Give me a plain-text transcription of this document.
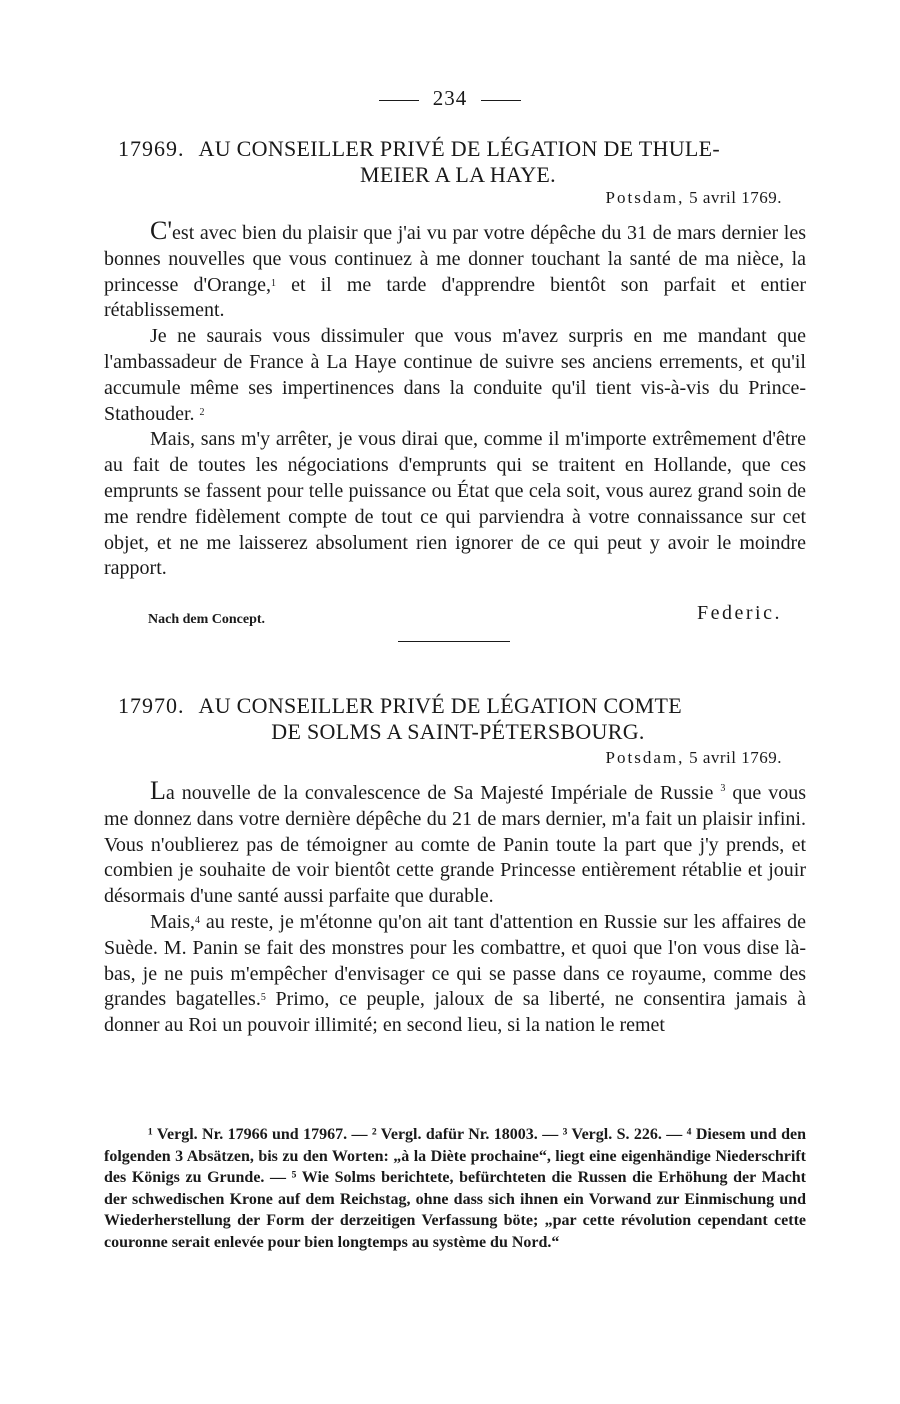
234
17969. AU CONSEILLER PRIVÉ DE LÉGATION DE THULE-
MEIER A LA HAYE.
Potsdam, 5 avril 1769.

C'est avec bien du plaisir que j'ai vu par votre dépêche du 31 de mars dernier les bonnes nouvelles que vous continuez à me donner touchant la santé de ma nièce, la princesse d'Orange,$^1$ et il me tarde d'apprendre bientôt son parfait et entier rétablissement.

Je ne saurais vous dissimuler que vous m'avez surpris en me mandant que l'ambassadeur de France à La Haye continue de suivre ses anciens errements, et qu'il accumule même ses impertinences dans la conduite qu'il tient vis-à-vis du Prince-Stathouder. $^2$

Mais, sans m'y arrêter, je vous dirai que, comme il m'importe extrêmement d'être au fait de toutes les négociations d'emprunts qui se traitent en Hollande, que ces emprunts se fassent pour telle puissance ou État que cela soit, vous aurez grand soin de me rendre fidèlement compte de tout ce qui parviendra à votre connaissance sur cet objet, et ne me laisserez absolument rien ignorer de ce qui peut y avoir le moindre rapport.

Nach dem Concept.	Federic.
17970. AU CONSEILLER PRIVÉ DE LÉGATION COMTE
DE SOLMS A SAINT-PÉTERSBOURG.
Potsdam, 5 avril 1769.

La nouvelle de la convalescence de Sa Majesté Impériale de Russie $^3$ que vous me donnez dans votre dernière dépêche du 21 de mars dernier, m'a fait un plaisir infini. Vous n'oublierez pas de témoigner au comte de Panin toute la part que j'y prends, et combien je souhaite de voir bientôt cette grande Princesse entièrement rétablie et jouir désormais d'une santé aussi parfaite que durable.

Mais,$^4$ au reste, je m'étonne qu'on ait tant d'attention en Russie sur les affaires de Suède. M. Panin se fait des monstres pour les combattre, et quoi que l'on vous dise là-bas, je ne puis m'empêcher d'envisager ce qui se passe dans ce royaume, comme des grandes bagatelles.$^5$ Primo, ce peuple, jaloux de sa liberté, ne consentira jamais à donner au Roi un pouvoir illimité; en second lieu, si la nation le remet

¹ Vergl. Nr. 17966 und 17967. — ² Vergl. dafür Nr. 18003. — ³ Vergl. S. 226. — ⁴ Diesem und den folgenden 3 Absätzen, bis zu den Worten: „à la Diète prochaine“, liegt eine eigenhändige Niederschrift des Königs zu Grunde. — ⁵ Wie Solms berichtete, befürchteten die Russen die Erhöhung der Macht der schwedischen Krone auf dem Reichstag, ohne dass sich ihnen ein Vorwand zur Einmischung und Wiederherstellung der Form der derzeitigen Verfassung böte; „par cette révolution cependant cette couronne serait enlevée pour bien longtemps au système du Nord.“
